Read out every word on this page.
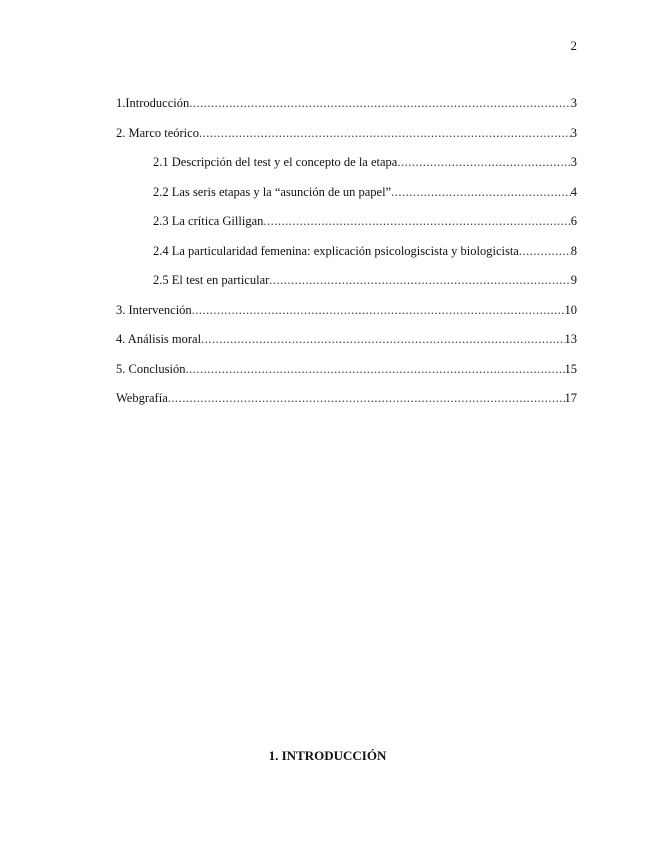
2
1.Introducción .....	3
2. Marco teórico .....	3
2.1 Descripción del test y el concepto de la etapa .....	3
2.2 Las seris etapas y la “asunción de un papel” .....	4
2.3 La crítica Gilligan .....	6
2.4 La particularidad femenina: explicación psicologiscista y biologicista .....	8
2.5 El test en particular .....	9
3. Intervención .....	10
4. Análisis moral .....	13
5. Conclusión .....	15
Webgrafía .....	17
1. INTRODUCCIÓN
